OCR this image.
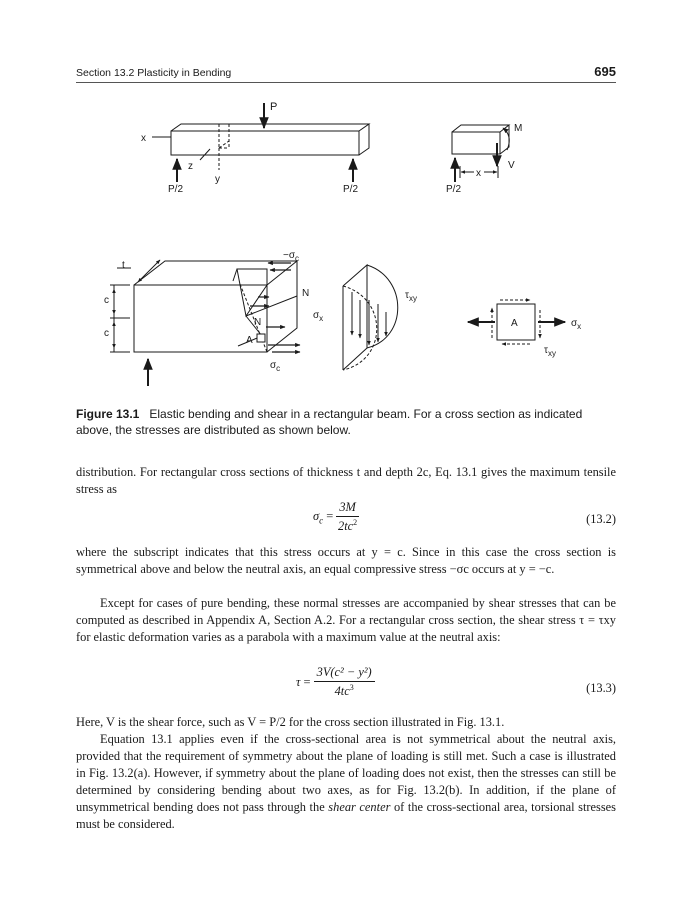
Section 13.2 Plasticity in Bending	695
P
x
z
y
P/2	P/2
M
V
x
P/2
t
c
c
$-\sigma_c$
N
N
A
$\sigma_c$
$\sigma_x$
$\tau_{xy}$
A	$\sigma_x$
$\tau_{xy}$
Figure 13.1 Elastic bending and shear in a rectangular beam. For a cross section as indicated above, the stresses are distributed as shown below.
distribution. For rectangular cross sections of thickness t and depth 2c, Eq. 13.1 gives the maximum tensile stress as
$\sigma_c = \frac{3M}{2tc^2}$	(13.2)
where the subscript indicates that this stress occurs at y = c. Since in this case the cross section is symmetrical above and below the neutral axis, an equal compressive stress −σc occurs at y = −c.
Except for cases of pure bending, these normal stresses are accompanied by shear stresses that can be computed as described in Appendix A, Section A.2. For a rectangular cross section, the shear stress τ = τxy for elastic deformation varies as a parabola with a maximum value at the neutral axis:
$\tau = \frac{\text{3V(c² − y²)}}{4tc^3}$	(13.3)
Here, V is the shear force, such as V = P/2 for the cross section illustrated in Fig. 13.1.
Equation 13.1 applies even if the cross-sectional area is not symmetrical about the neutral axis, provided that the requirement of symmetry about the plane of loading is still met. Such a case is illustrated in Fig. 13.2(a). However, if symmetry about the plane of loading does not exist, then the stresses can still be determined by considering bending about two axes, as for Fig. 13.2(b). In addition, if the plane of unsymmetrical bending does not pass through the shear center of the cross-sectional area, torsional stresses must be considered.
